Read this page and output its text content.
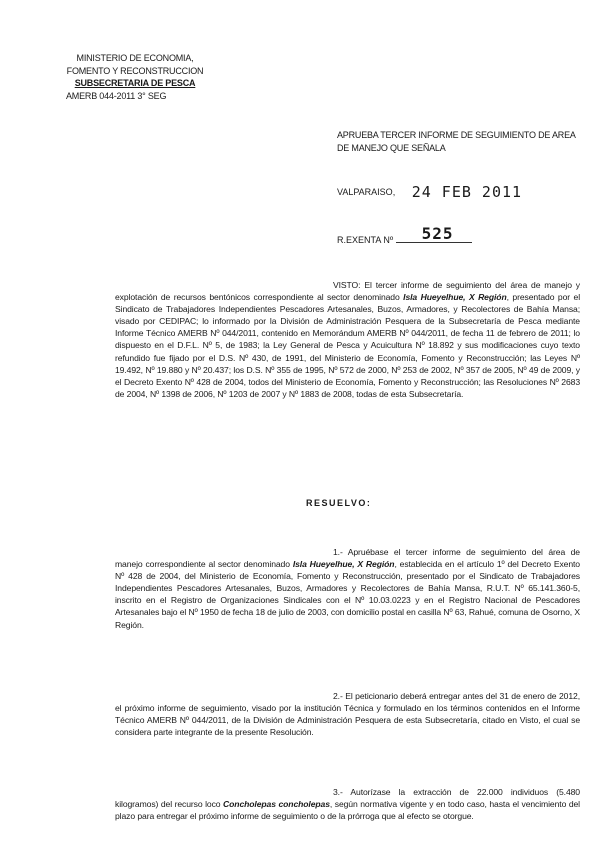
MINISTERIO DE ECONOMIA,
FOMENTO Y RECONSTRUCCION
SUBSECRETARIA DE PESCA
AMERB 044-2011 3° SEG
APRUEBA TERCER INFORME DE SEGUIMIENTO DE AREA DE MANEJO QUE SEÑALA
VALPARAISO, 24 FEB 2011
R.EXENTA Nº 525
VISTO: El tercer informe de seguimiento del área de manejo y explotación de recursos bentónicos correspondiente al sector denominado Isla Hueyelhue, X Región, presentado por el Sindicato de Trabajadores Independientes Pescadores Artesanales, Buzos, Armadores, y Recolectores de Bahía Mansa; visado por CEDIPAC; lo informado por la División de Administración Pesquera de la Subsecretaría de Pesca mediante Informe Técnico AMERB Nº 044/2011, contenido en Memorándum AMERB Nº 044/2011, de fecha 11 de febrero de 2011; lo dispuesto en el D.F.L. Nº 5, de 1983; la Ley General de Pesca y Acuicultura Nº 18.892 y sus modificaciones cuyo texto refundido fue fijado por el D.S. Nº 430, de 1991, del Ministerio de Economía, Fomento y Reconstrucción; las Leyes Nº 19.492, Nº 19.880 y Nº 20.437; los D.S. Nº 355 de 1995, Nº 572 de 2000, Nº 253 de 2002, Nº 357 de 2005, Nº 49 de 2009, y el Decreto Exento Nº 428 de 2004, todos del Ministerio de Economía, Fomento y Reconstrucción; las Resoluciones Nº 2683 de 2004, Nº 1398 de 2006, Nº 1203 de 2007 y Nº 1883 de 2008, todas de esta Subsecretaría.
RESUELVO:
1.- Apruébase el tercer informe de seguimiento del área de manejo correspondiente al sector denominado Isla Hueyelhue, X Región, establecida en el artículo 1º del Decreto Exento Nº 428 de 2004, del Ministerio de Economía, Fomento y Reconstrucción, presentado por el Sindicato de Trabajadores Independientes Pescadores Artesanales, Buzos, Armadores y Recolectores de Bahía Mansa, R.U.T. Nº 65.141.360-5, inscrito en el Registro de Organizaciones Sindicales con el Nº 10.03.0223 y en el Registro Nacional de Pescadores Artesanales bajo el Nº 1950 de fecha 18 de julio de 2003, con domicilio postal en casilla Nº 63, Rahué, comuna de Osorno, X Región.
2.- El peticionario deberá entregar antes del 31 de enero de 2012, el próximo informe de seguimiento, visado por la institución Técnica y formulado en los términos contenidos en el Informe Técnico AMERB Nº 044/2011, de la División de Administración Pesquera de esta Subsecretaría, citado en Visto, el cual se considera parte integrante de la presente Resolución.
3.- Autorízase la extracción de 22.000 individuos (5.480 kilogramos) del recurso loco Concholepas concholepas, según normativa vigente y en todo caso, hasta el vencimiento del plazo para entregar el próximo informe de seguimiento o de la prórroga que al efecto se otorgue.
